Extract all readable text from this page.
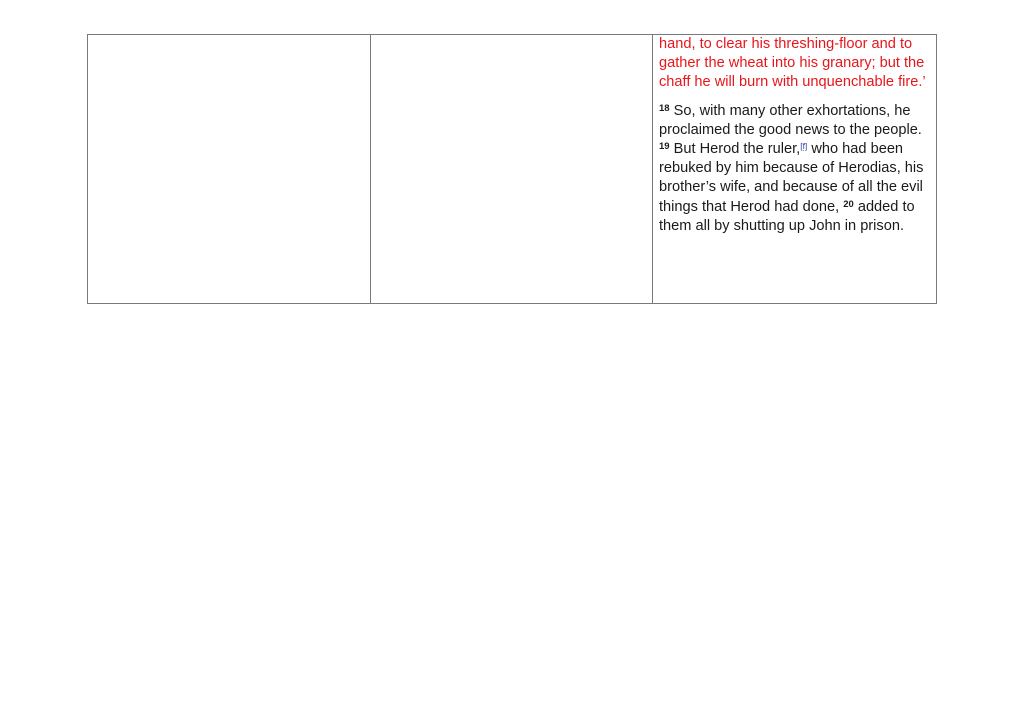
hand, to clear his threshing-floor and to gather the wheat into his granary; but the chaff he will burn with unquenchable fire.’

$^{18}$ So, with many other exhortations, he proclaimed the good news to the people. $^{19}$ But Herod the ruler,[f] who had been rebuked by him because of Herodias, his brother’s wife, and because of all the evil things that Herod had done, $^{20}$ added to them all by shutting up John in prison.
